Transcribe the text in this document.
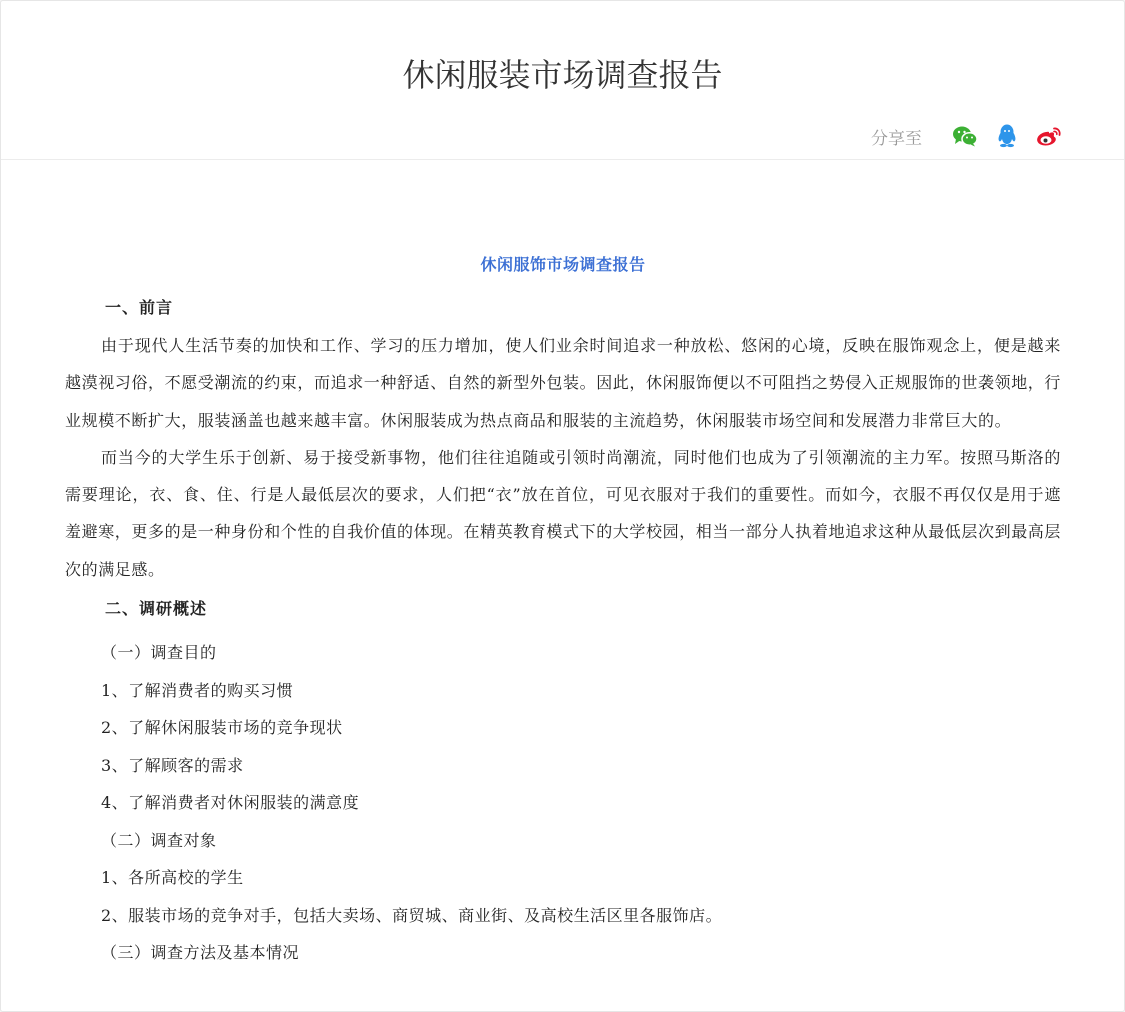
休闲服装市场调查报告
分享至
休闲服饰市场调查报告
一、前言

由于现代人生活节奏的加快和工作、学习的压力增加，使人们业余时间追求一种放松、悠闲的心境，反映在服饰观念上，便是越来越漠视习俗，不愿受潮流的约束，而追求一种舒适、自然的新型外包装。因此，休闲服饰便以不可阻挡之势侵入正规服饰的世袭领地，行业规模不断扩大，服装涵盖也越来越丰富。休闲服装成为热点商品和服装的主流趋势，休闲服装市场空间和发展潜力非常巨大的。

而当今的大学生乐于创新、易于接受新事物，他们往往追随或引领时尚潮流，同时他们也成为了引领潮流的主力军。按照马斯洛的需要理论，衣、食、住、行是人最低层次的要求，人们把“衣”放在首位，可见衣服对于我们的重要性。而如今，衣服不再仅仅是用于遮羞避寒，更多的是一种身份和个性的自我价值的体现。在精英教育模式下的大学校园，相当一部分人执着地追求这种从最低层次到最高层次的满足感。

二、调研概述

（一）调查目的

1、了解消费者的购买习惯

2、了解休闲服装市场的竞争现状

3、了解顾客的需求

4、了解消费者对休闲服装的满意度

（二）调查对象

1、各所高校的学生

2、服装市场的竞争对手，包括大卖场、商贸城、商业街、及高校生活区里各服饰店。

（三）调查方法及基本情况
